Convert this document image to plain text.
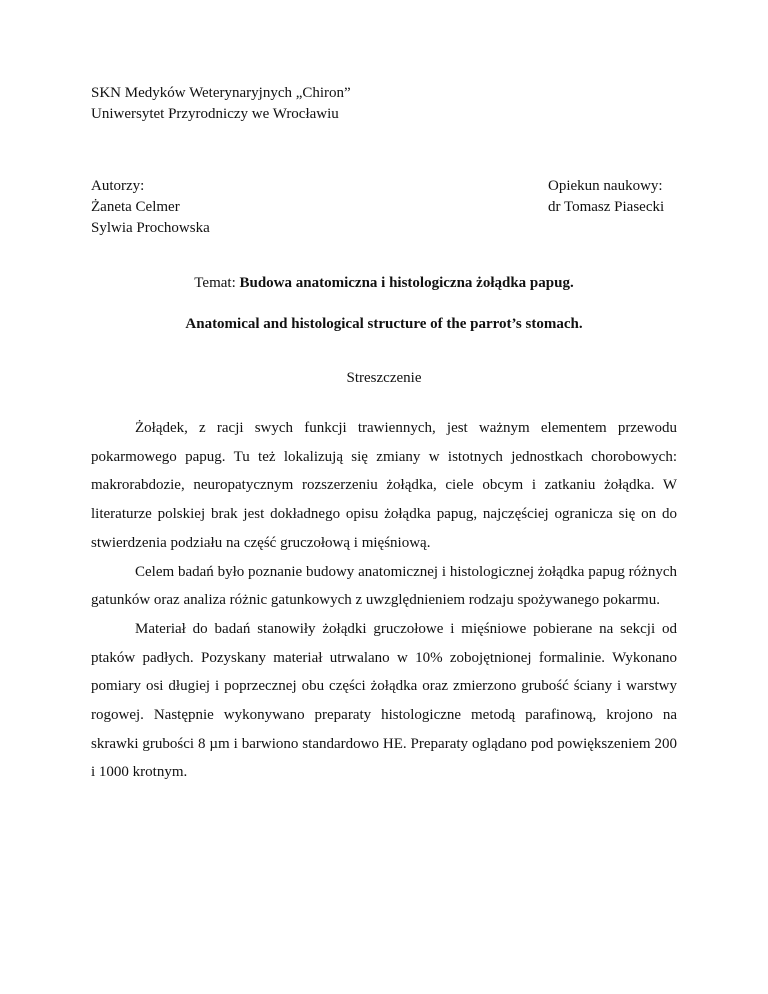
SKN Medyków Weterynaryjnych „Chiron”
Uniwersytet Przyrodniczy we Wrocławiu
Autorzy:
Żaneta Celmer
Sylwia Prochowska
Opiekun naukowy:
dr Tomasz Piasecki
Temat: Budowa anatomiczna i histologiczna żołądka papug.
Anatomical and histological structure of the parrot’s stomach.
Streszczenie

Żołądek, z racji swych funkcji trawiennych, jest ważnym elementem przewodu pokarmowego papug. Tu też lokalizują się zmiany w istotnych jednostkach chorobowych: makrorabdozie, neuropatycznym rozszerzeniu żołądka, ciele obcym i zatkaniu żołądka. W literaturze polskiej brak jest dokładnego opisu żołądka papug, najczęściej ogranicza się on do stwierdzenia podziału na część gruczołową i mięśniową.

Celem badań było poznanie budowy anatomicznej i histologicznej żołądka papug różnych gatunków oraz analiza różnic gatunkowych z uwzględnieniem rodzaju spożywanego pokarmu.

Materiał do badań stanowiły żołądki gruczołowe i mięśniowe pobierane na sekcji od ptaków padłych. Pozyskany materiał utrwalano w 10% zobojętnionej formalinie. Wykonano pomiary osi długiej i poprzecznej obu części żołądka oraz zmierzono grubość ściany i warstwy rogowej. Następnie wykonywano preparaty histologiczne metodą parafinową, krojono na skrawki grubości 8 µm i barwiono standardowo HE. Preparaty oglądano pod powiększeniem 200 i 1000 krotnym.
